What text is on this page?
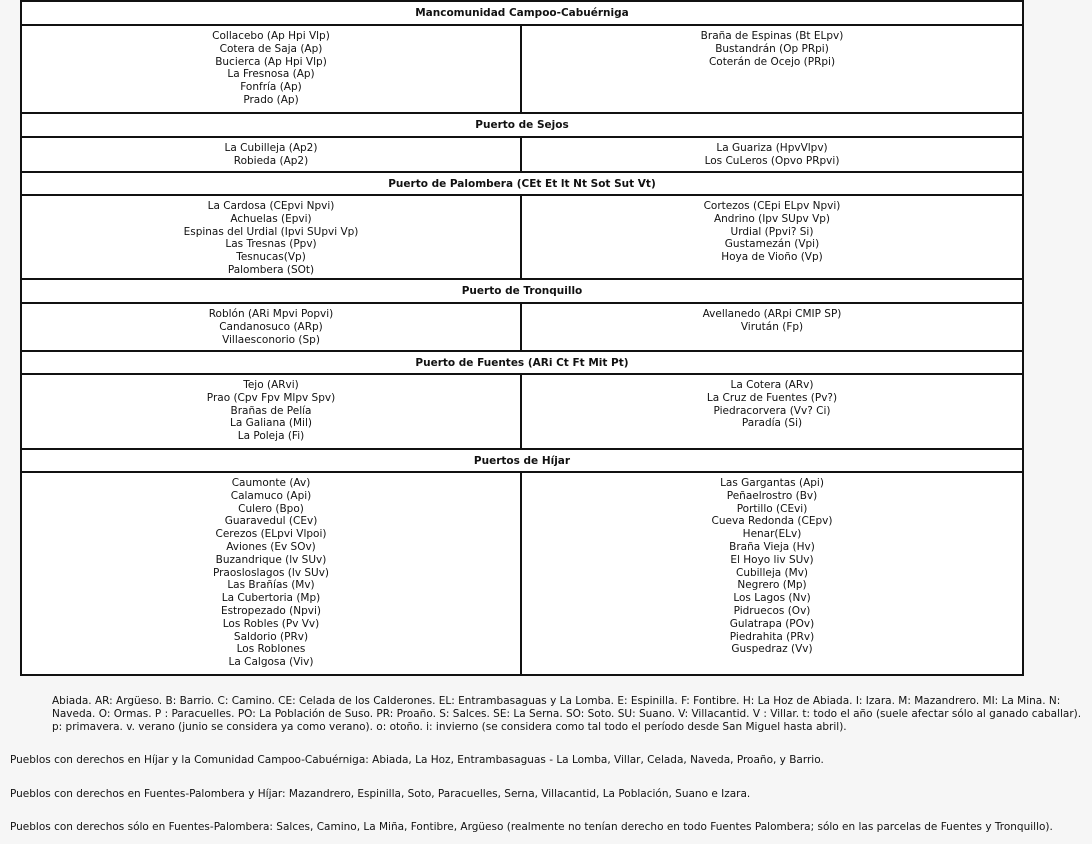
Mancomunidad Campoo-Cabuérniga
Collacebo (Ap Hpi Vlp)
Cotera de Saja (Ap)
Bucierca (Ap Hpi Vlp)
La Fresnosa (Ap)
Fonfría (Ap)
Prado (Ap)
Braña de Espinas (Bt ELpv)
Bustandrán (Op PRpi)
Coterán de Ocejo (PRpi)
Puerto de Sejos
La Cubilleja (Ap2)
Robieda (Ap2)
La Guariza (HpvVlpv)
Los CuLeros (Opvo PRpvi)
Puerto de Palombera (CEt Et lt Nt Sot Sut Vt)
La Cardosa (CEpvi Npvi)
Achuelas (Epvi)
Espinas del Urdial (Ipvi SUpvi Vp)
Las Tresnas (Ppv)
Tesnucas(Vp)
Palombera (SOt)
Cortezos (CEpi ELpv Npvi)
Andrino (Ipv SUpv Vp)
Urdial (Ppvi? Si)
Gustamezán (Vpi)
Hoya de Vioño (Vp)
Puerto de Tronquillo
Roblón (ARi Mpvi Popvi)
Candanosuco (ARp)
Villaesconorio (Sp)
Avellanedo (ARpi CMIP SP)
Virután (Fp)
Puerto de Fuentes (ARi Ct Ft Mit Pt)
Tejo (ARvi)
Prao (Cpv Fpv Mlpv Spv)
Brañas de Pelía
La Galiana (Mil)
La Poleja (Fi)
La Cotera (ARv)
La Cruz de Fuentes (Pv?)
Piedracorvera (Vv? Ci)
Paradía (Si)
Puertos de Híjar
Caumonte (Av)
Calamuco (Api)
Culero (Bpo)
Guaravedul (CEv)
Cerezos (ELpvi Vlpoi)
Aviones (Ev SOv)
Buzandrique (lv SUv)
Praosloslagos (lv SUv)
Las Brañías (Mv)
La Cubertoria (Mp)
Estropezado (Npvi)
Los Robles (Pv Vv)
Saldorio (PRv)
Los Roblones
La Calgosa (Viv)
Las Gargantas (Api)
Peñaelrostro (Bv)
Portillo (CEvi)
Cueva Redonda (CEpv)
Henar(ELv)
Braña Vieja (Hv)
El Hoyo liv SUv)
Cubilleja (Mv)
Negrero (Mp)
Los Lagos (Nv)
Pidruecos (Ov)
Gulatrapa (POv)
Piedrahita (PRv)
Guspedraz (Vv)
Abiada. AR: Argüeso. B: Barrio. C: Camino. CE: Celada de los Calderones. EL: Entrambasaguas y La Lomba. E: Espinilla. F: Fontibre. H: La Hoz de Abiada. I: Izara. M: Mazandrero. MI: La Mina. N: Naveda. O: Ormas. P : Paracuelles. PO: La Población de Suso. PR: Proaño. S: Salces. SE: La Serna. SO: Soto. SU: Suano. V: Villacantid. V : Villar. t: todo el año (suele afectar sólo al ganado caballar). p: primavera. v. verano (junio se considera ya como verano). o: otoño. i: invierno (se considera como tal todo el período desde San Miguel hasta abril).
Pueblos con derechos en Híjar y la Comunidad Campoo-Cabuérniga: Abiada, La Hoz, Entrambasaguas - La Lomba, Villar, Celada, Naveda, Proaño, y Barrio.
Pueblos con derechos en Fuentes-Palombera y Híjar: Mazandrero, Espinilla, Soto, Paracuelles, Serna, Villacantid, La Población, Suano e Izara.
Pueblos con derechos sólo en Fuentes-Palombera: Salces, Camino, La Miña, Fontibre, Argüeso (realmente no tenían derecho en todo Fuentes Palombera; sólo en las parcelas de Fuentes y Tronquillo).
